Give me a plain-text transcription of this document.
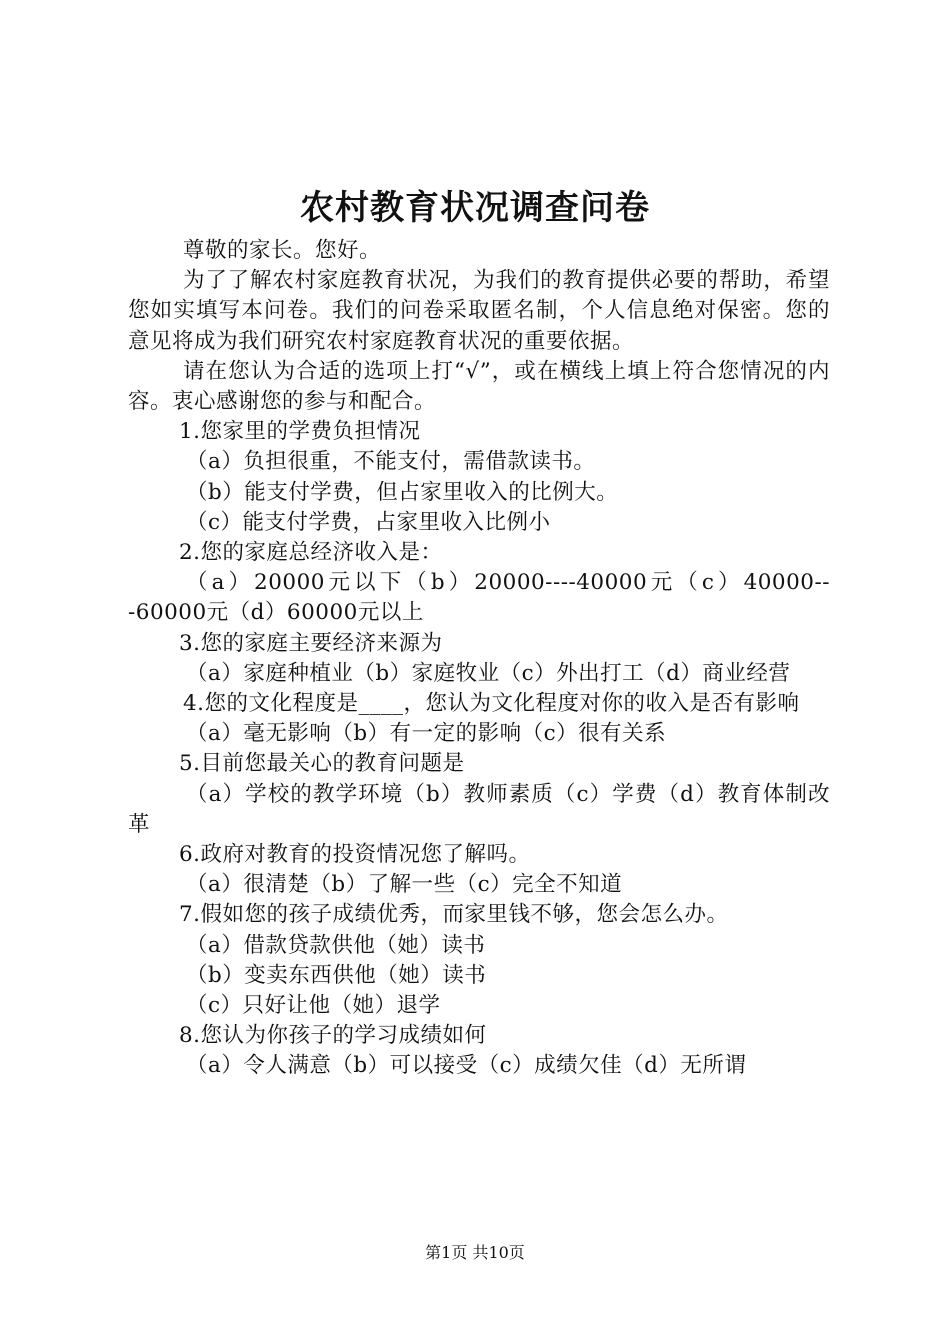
农村教育状况调查问卷

尊敬的家长。您好。

为了了解农村家庭教育状况，为我们的教育提供必要的帮助，希望您如实填写本问卷。我们的问卷采取匿名制，个人信息绝对保密。您的意见将成为我们研究农村家庭教育状况的重要依据。

请在您认为合适的选项上打“√”，或在横线上填上符合您情况的内容。衷心感谢您的参与和配合。

1.您家里的学费负担情况

（a）负担很重，不能支付，需借款读书。

（b）能支付学费，但占家里收入的比例大。

（c）能支付学费，占家里收入比例小

2.您的家庭总经济收入是：

（a）20000元以下（b）20000----40000元（c）40000---60000元（d）60000元以上

3.您的家庭主要经济来源为

（a）家庭种植业（b）家庭牧业（c）外出打工（d）商业经营

4.您的文化程度是____，您认为文化程度对你的收入是否有影响

（a）毫无影响（b）有一定的影响（c）很有关系

5.目前您最关心的教育问题是

（a）学校的教学环境（b）教师素质（c）学费（d）教育体制改革

6.政府对教育的投资情况您了解吗。

（a）很清楚（b）了解一些（c）完全不知道

7.假如您的孩子成绩优秀，而家里钱不够，您会怎么办。

（a）借款贷款供他（她）读书

（b）变卖东西供他（她）读书

（c）只好让他（她）退学

8.您认为你孩子的学习成绩如何

（a）令人满意（b）可以接受（c）成绩欠佳（d）无所谓

第1页 共10页
